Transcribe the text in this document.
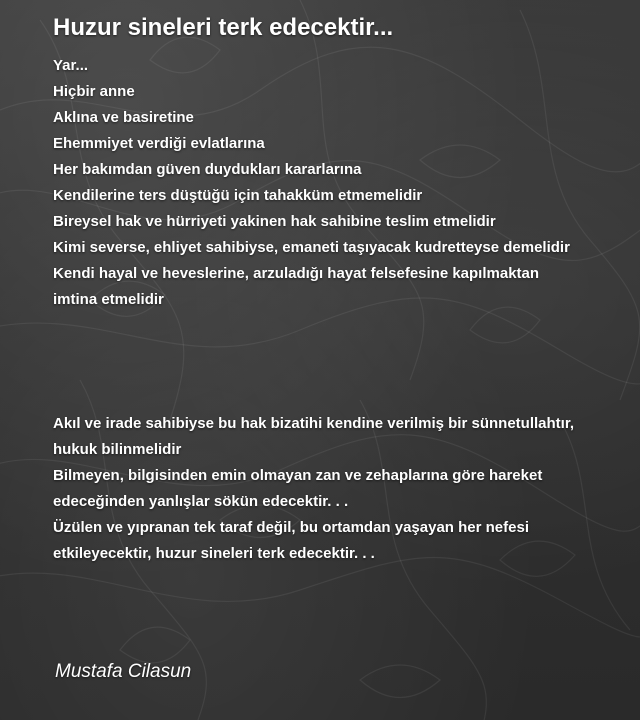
Huzur sineleri terk edecektir...
Yar...
Hiçbir anne
Aklına ve basiretine
Ehemmiyet verdiği evlatlarına
Her bakımdan güven duydukları kararlarına
Kendilerine ters düştüğü için tahakküm etmemelidir
Bireysel hak ve hürriyeti yakinen hak sahibine teslim etmelidir
Kimi severse, ehliyet sahibiyse, emaneti taşıyacak kudretteyse demelidir
Kendi hayal ve heveslerine, arzuladığı hayat felsefesine kapılmaktan
imtina etmelidir
Akıl ve irade sahibiyse bu hak bizatihi kendine verilmiş bir sünnetullahtır,
hukuk bilinmelidir
Bilmeyen, bilgisinden emin olmayan zan ve zehaplarına göre hareket
edeceğinden yanlışlar sökün edecektir. . .
Üzülen ve yıpranan tek taraf değil, bu ortamdan yaşayan her nefesi
etkileyecektir, huzur sineleri terk edecektir. . .
Mustafa Cilasun
